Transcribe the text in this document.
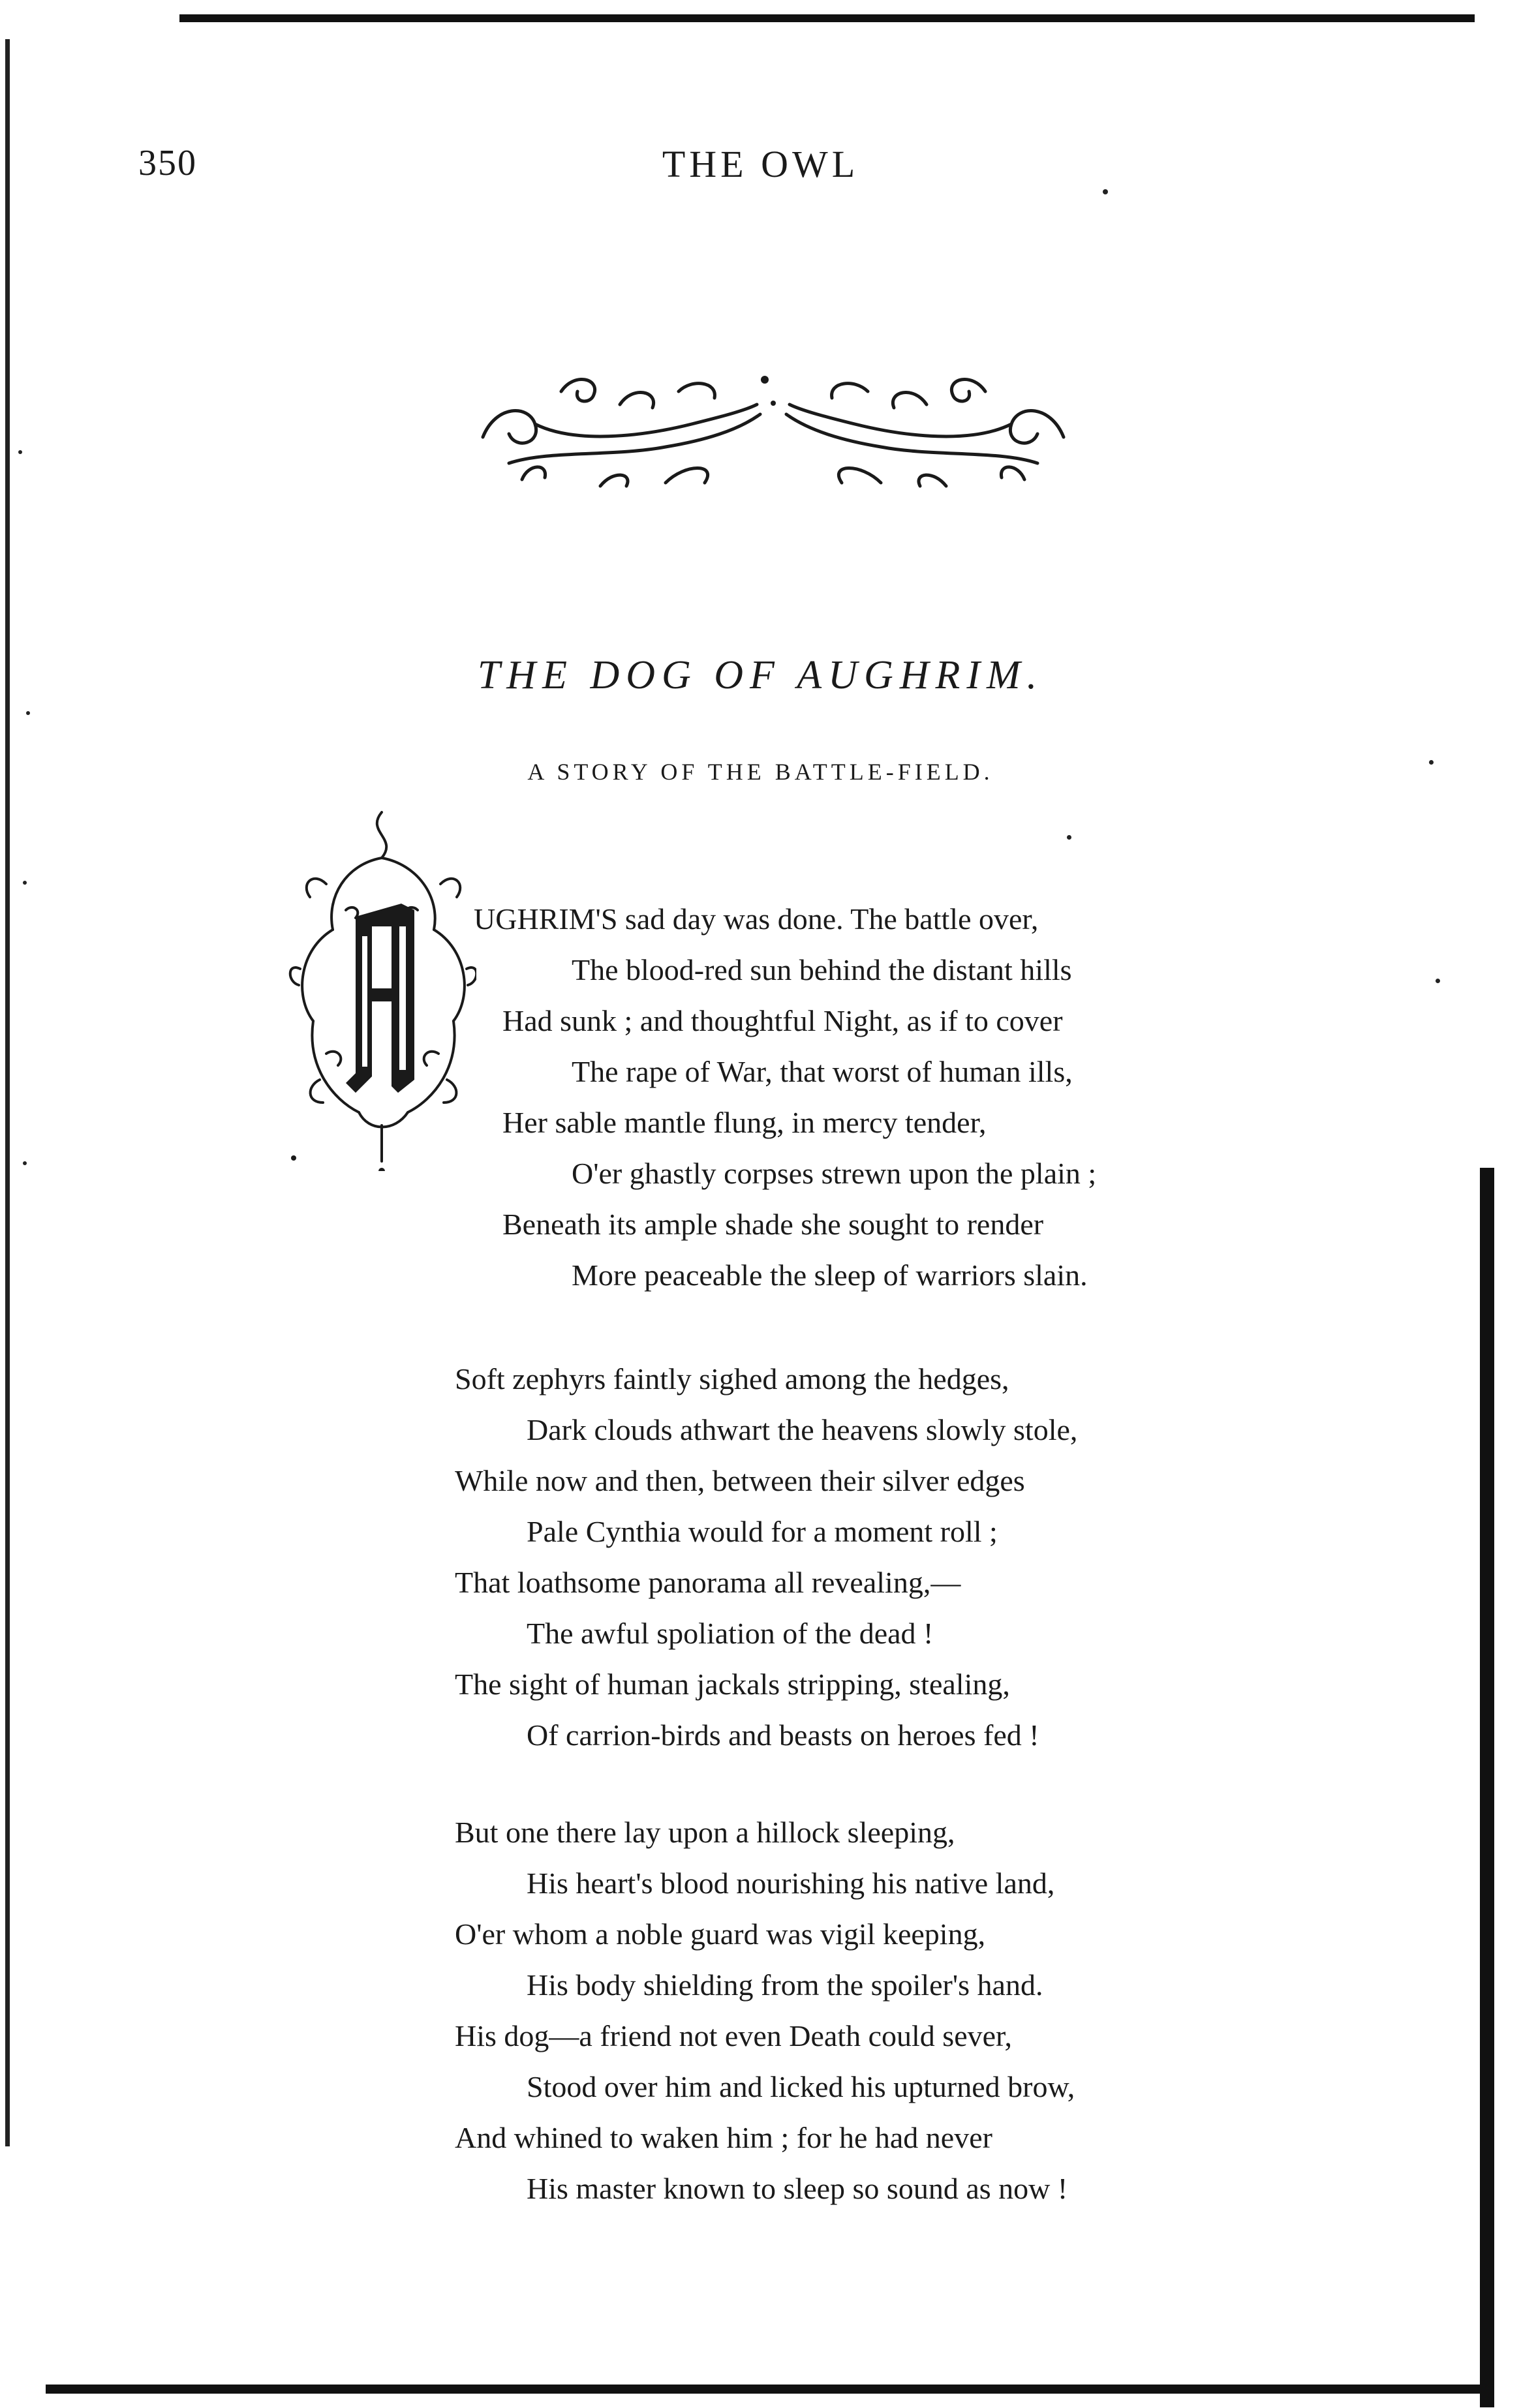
350	THE OWL
THE DOG OF AUGHRIM.
A STORY OF THE BATTLE-FIELD.
UGHRIM'S sad day was done. The battle over,
The blood-red sun behind the distant hills
Had sunk ; and thoughtful Night, as if to cover
The rape of War, that worst of human ills,
Her sable mantle flung, in mercy tender,
O'er ghastly corpses strewn upon the plain ;
Beneath its ample shade she sought to render
More peaceable the sleep of warriors slain.
Soft zephyrs faintly sighed among the hedges,
Dark clouds athwart the heavens slowly stole,
While now and then, between their silver edges
Pale Cynthia would for a moment roll ;
That loathsome panorama all revealing,—
The awful spoliation of the dead !
The sight of human jackals stripping, stealing,
Of carrion-birds and beasts on heroes fed !
But one there lay upon a hillock sleeping,
His heart's blood nourishing his native land,
O'er whom a noble guard was vigil keeping,
His body shielding from the spoiler's hand.
His dog—a friend not even Death could sever,
Stood over him and licked his upturned brow,
And whined to waken him ; for he had never
His master known to sleep so sound as now !
